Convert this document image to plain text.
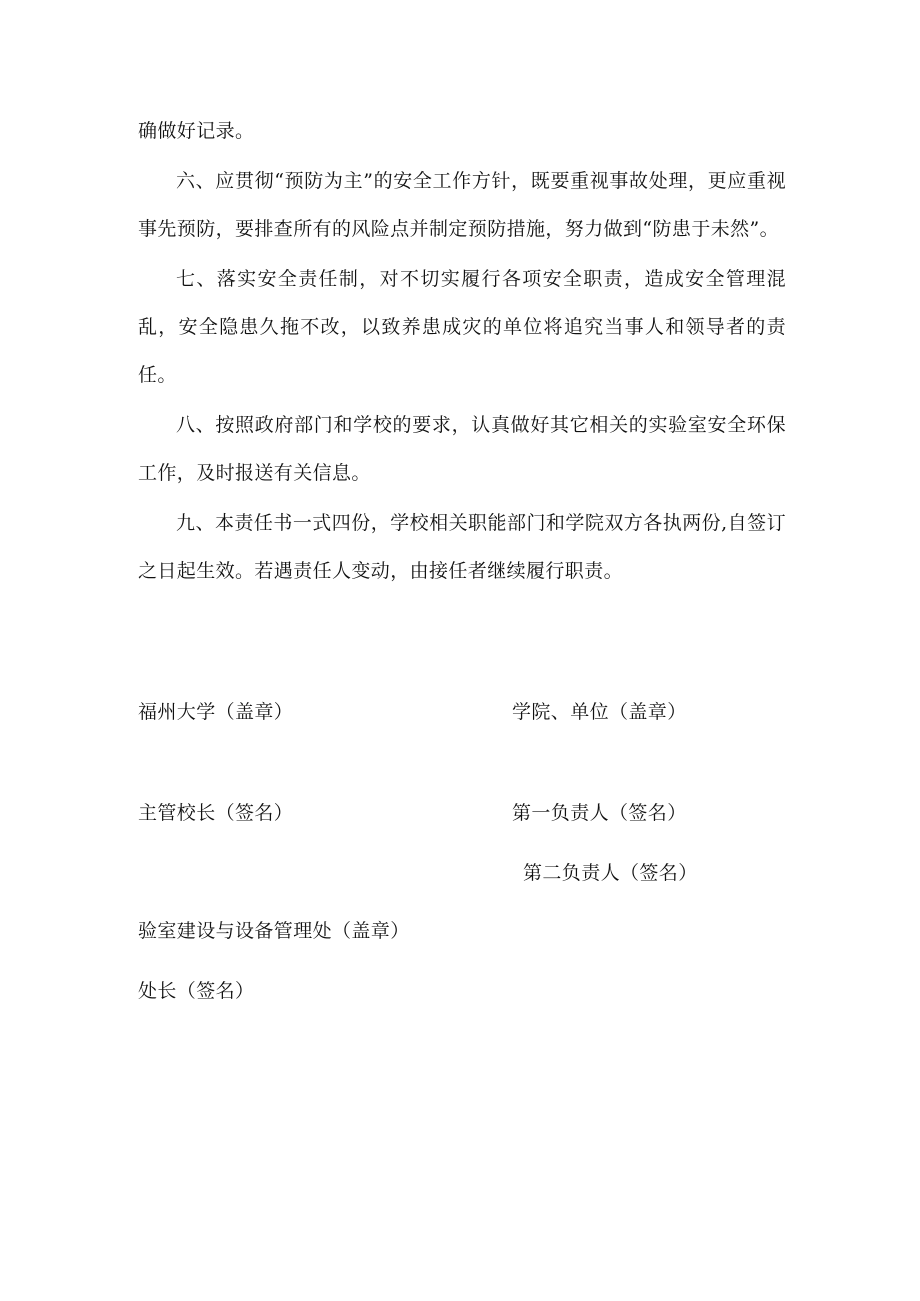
确做好记录。

六、应贯彻“预防为主”的安全工作方针，既要重视事故处理，更应重视事先预防，要排查所有的风险点并制定预防措施，努力做到“防患于未然”。

七、落实安全责任制，对不切实履行各项安全职责，造成安全管理混乱，安全隐患久拖不改，以致养患成灾的单位将追究当事人和领导者的责任。

八、按照政府部门和学校的要求，认真做好其它相关的实验室安全环保工作，及时报送有关信息。

九、本责任书一式四份，学校相关职能部门和学院双方各执两份,自签订之日起生效。若遇责任人变动，由接任者继续履行职责。

福州大学（盖章）	学院、单位（盖章）
主管校长（签名）	第一负责人（签名）
第二负责人（签名）
验室建设与设备管理处（盖章）
处长（签名）
